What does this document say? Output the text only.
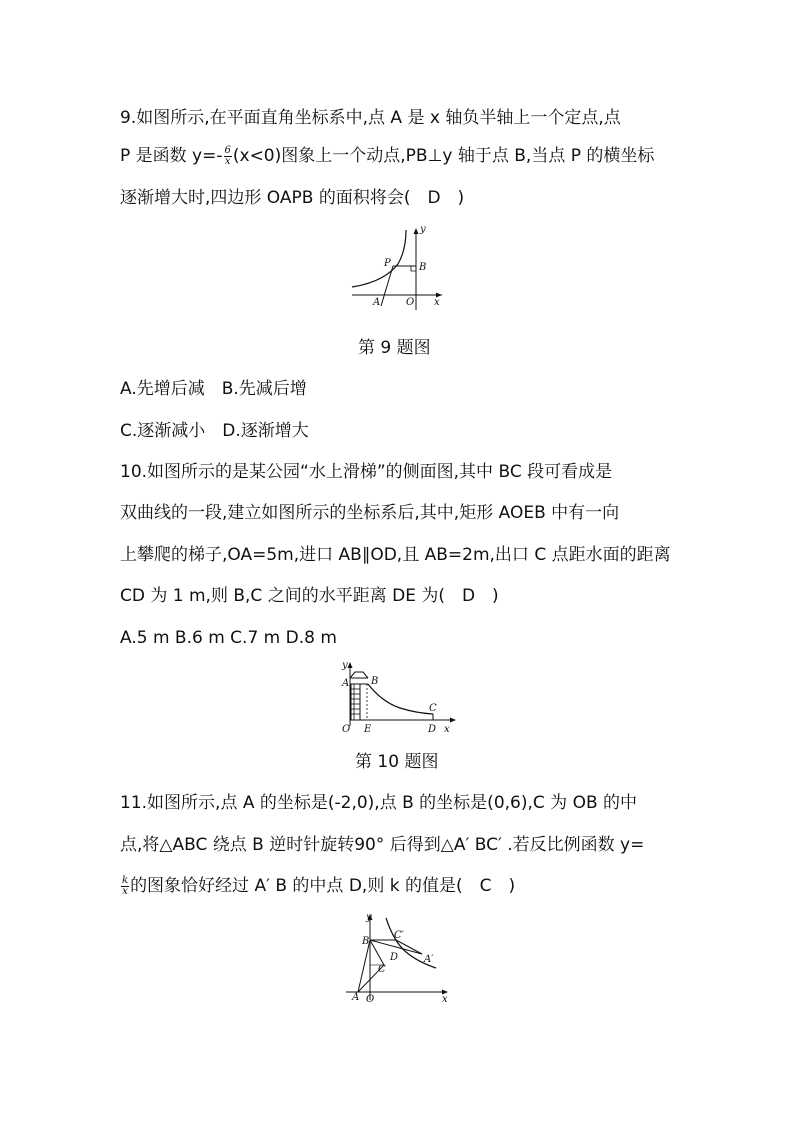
9.如图所示,在平面直角坐标系中,点 A 是 x 轴负半轴上一个定点,点
P 是函数 $y=- \frac{6}{x} (x<0)$图象上一个动点,PB⊥y 轴于点 B,当点 P 的横坐标
逐渐增大时,四边形 OAPB 的面积将会(　D　)
P	B
A	O x
y
第 9 题图
A.先增后减　B.先减后增
C.逐渐减小　D.逐渐增大
10.如图所示的是某公园“水上滑梯”的侧面图,其中 BC 段可看成是
双曲线的一段,建立如图所示的坐标系后,其中,矩形 AOEB 中有一向
上攀爬的梯子,OA=5m,进口 AB∥OD,且 AB=2m,出口 C 点距水面的距离
CD 为 1 m,则 B,C 之间的水平距离 DE 为(　D　)
A.5 m B.6 m C.7 m D.8 m
y
A B
C
O E	D x
第 10 题图
11.如图所示,点 A 的坐标是(-2,0),点 B 的坐标是(0,6),C 为 OB 的中
点,将△ABC 绕点 B 逆时针旋转90° 后得到△A′ BC′ .若反比例函数 y=
$\frac{k}{x}$ 的图象恰好经过 A′ B 的中点 D,则 k 的值是(　C　)
B
C′
D	A′
C
A O	x
y
